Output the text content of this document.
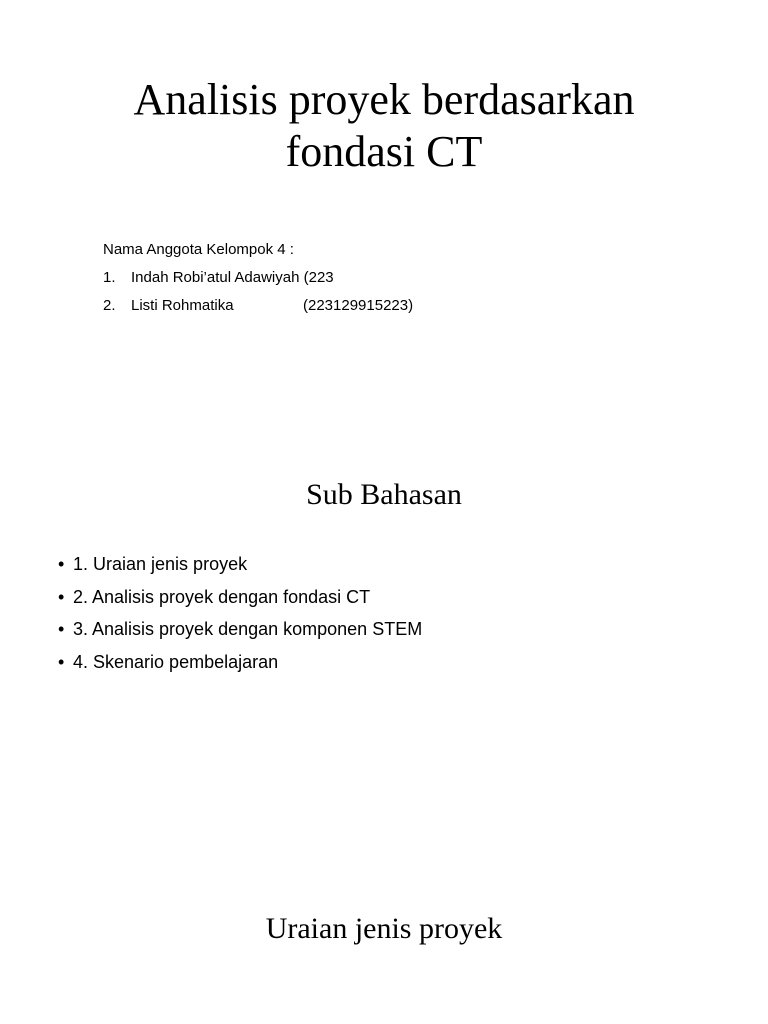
Analisis proyek berdasarkan
fondasi CT
Nama Anggota Kelompok 4 :
1.	Indah Robi’atul Adawiyah (223
2.	Listi Rohmatika	(223129915223)
Sub Bahasan
• 1. Uraian jenis proyek
• 2. Analisis proyek dengan fondasi CT
• 3. Analisis proyek dengan komponen STEM
• 4. Skenario pembelajaran
Uraian jenis proyek
